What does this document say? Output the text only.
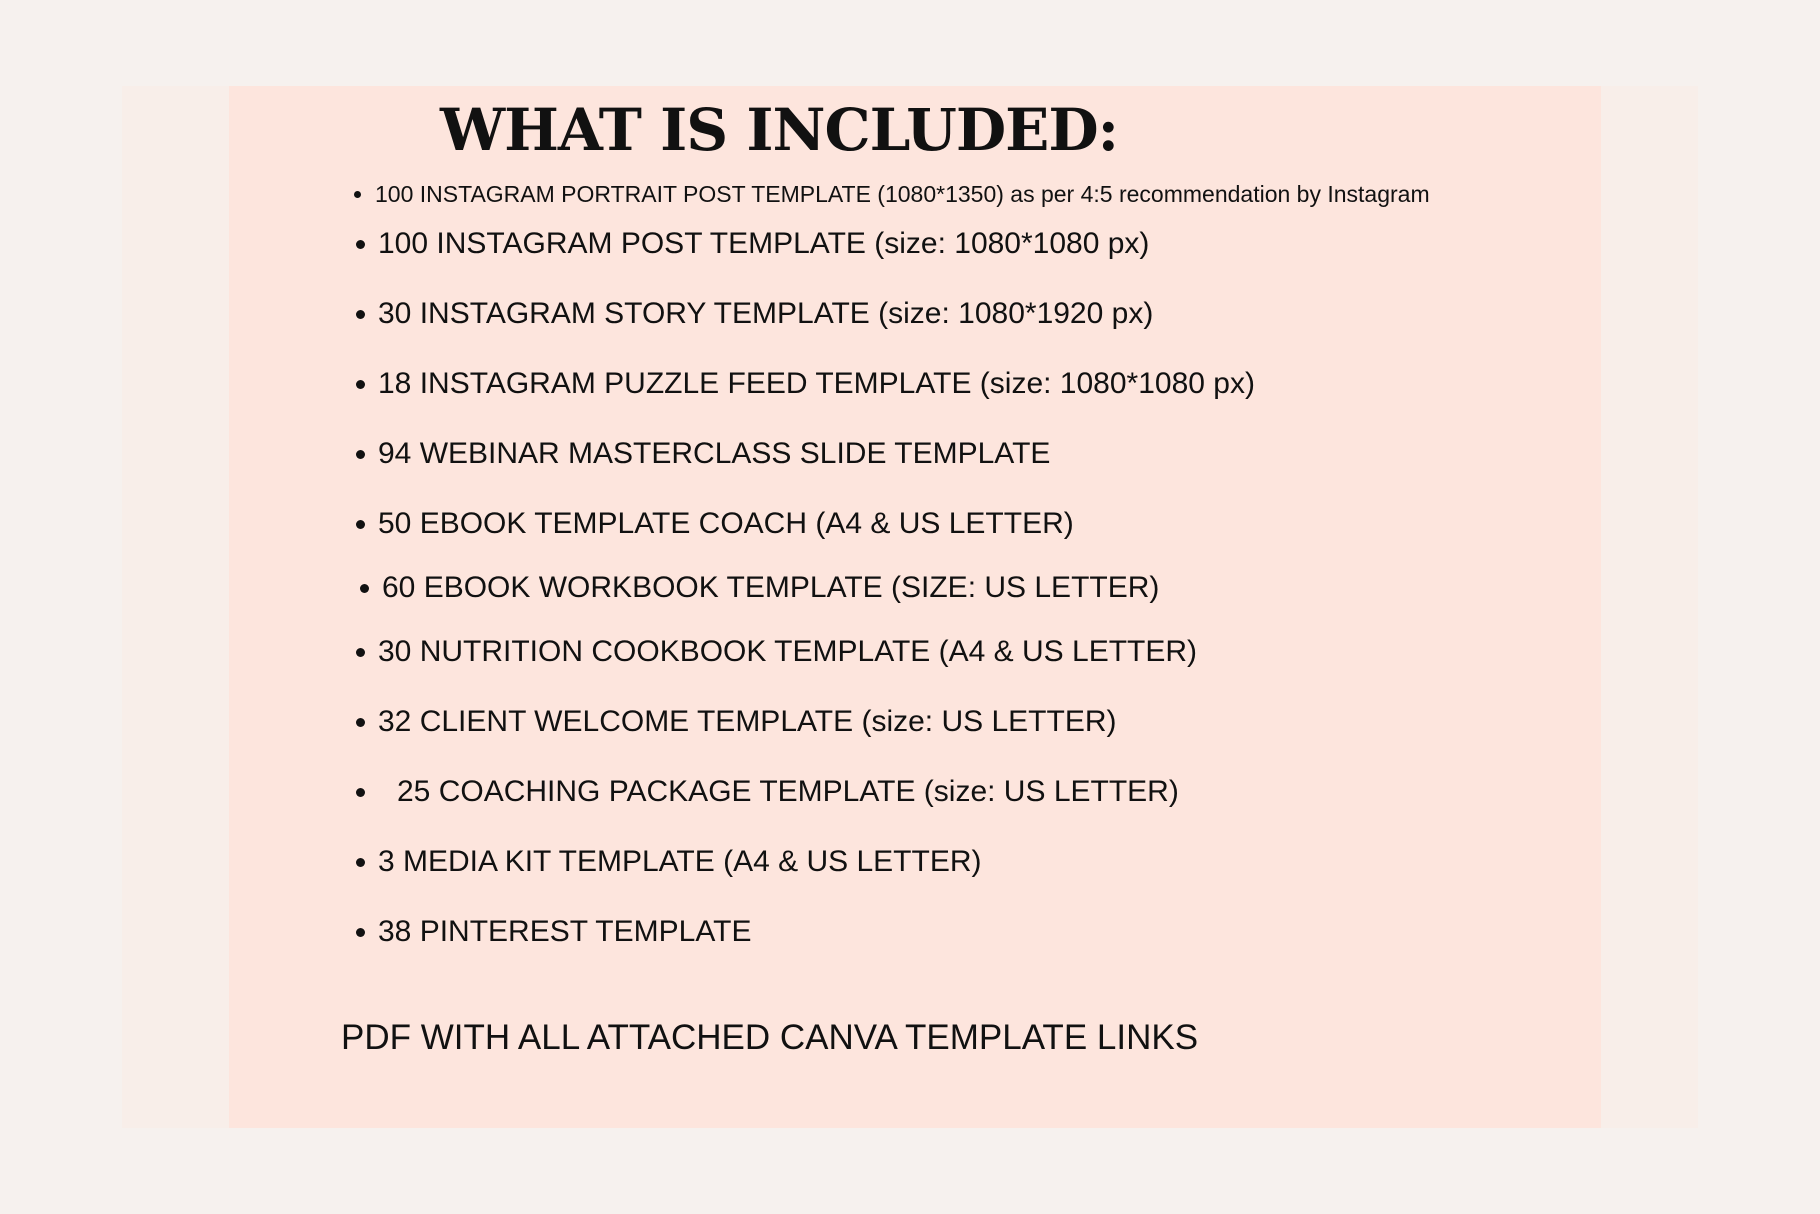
WHAT IS INCLUDED:
100 INSTAGRAM PORTRAIT POST TEMPLATE (1080*1350) as per 4:5 recommendation by Instagram
100 INSTAGRAM POST TEMPLATE (size: 1080*1080 px)
30 INSTAGRAM STORY TEMPLATE (size: 1080*1920 px)
18 INSTAGRAM PUZZLE FEED TEMPLATE (size: 1080*1080 px)
94 WEBINAR MASTERCLASS SLIDE TEMPLATE
50 EBOOK TEMPLATE COACH (A4 & US LETTER)
60 EBOOK WORKBOOK TEMPLATE (SIZE: US LETTER)
30 NUTRITION COOKBOOK TEMPLATE (A4 & US LETTER)
32 CLIENT WELCOME TEMPLATE (size: US LETTER)
25 COACHING PACKAGE TEMPLATE (size: US LETTER)
3 MEDIA KIT TEMPLATE (A4 & US LETTER)
38 PINTEREST TEMPLATE
PDF WITH ALL ATTACHED CANVA TEMPLATE LINKS
